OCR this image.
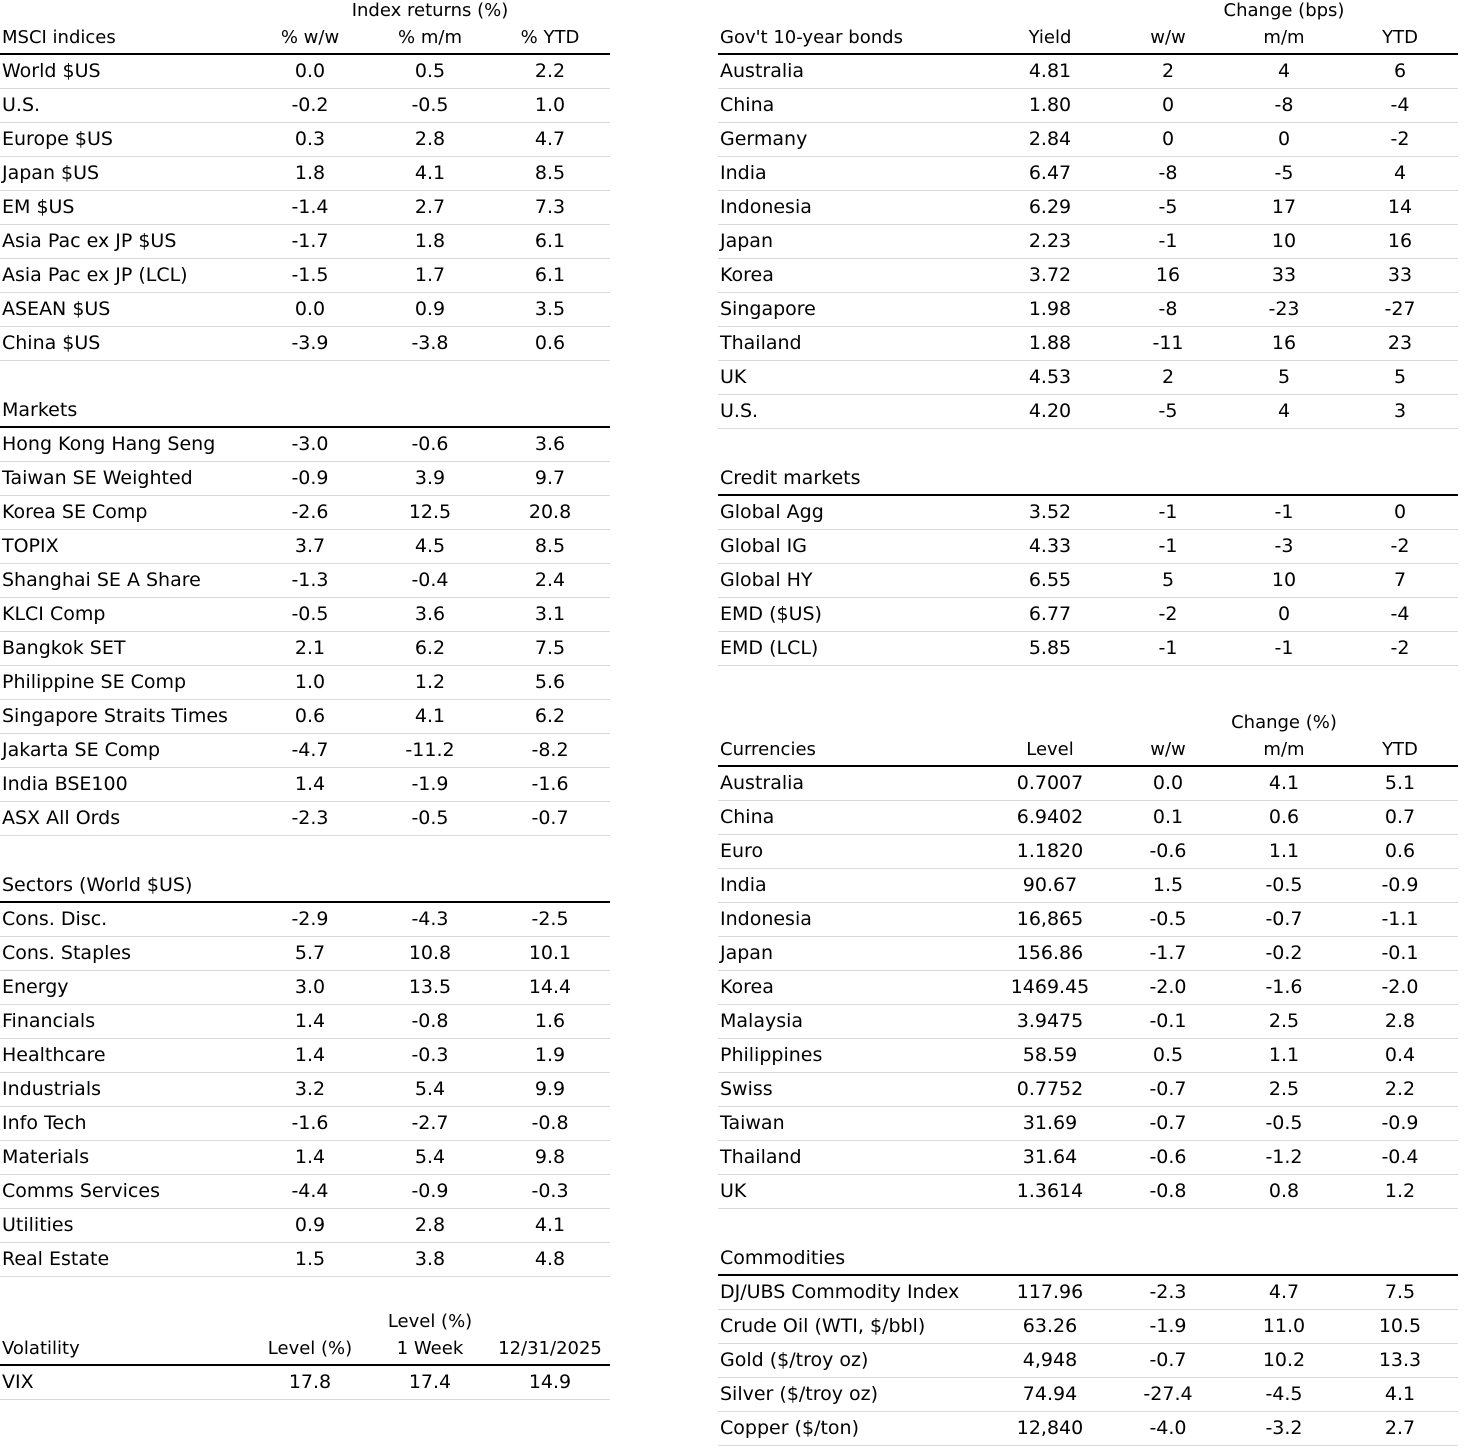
	Index returns (%)		
MSCI indices	% w/w	% m/m	% YTD
World $US	0.0	0.5	2.2
U.S.	-0.2	-0.5	1.0
Europe $US	0.3	2.8	4.7
Japan $US	1.8	4.1	8.5
EM $US	-1.4	2.7	7.3
Asia Pac ex JP $US	-1.7	1.8	6.1
Asia Pac ex JP (LCL)	-1.5	1.7	6.1
ASEAN $US	0.0	0.9	3.5
China $US	-3.9	-3.8	0.6
Markets			
Hong Kong Hang Seng	-3.0	-0.6	3.6
Taiwan SE Weighted	-0.9	3.9	9.7
Korea SE Comp	-2.6	12.5	20.8
TOPIX	3.7	4.5	8.5
Shanghai SE A Share	-1.3	-0.4	2.4
KLCI Comp	-0.5	3.6	3.1
Bangkok SET	2.1	6.2	7.5
Philippine SE Comp	1.0	1.2	5.6
Singapore Straits Times	0.6	4.1	6.2
Jakarta SE Comp	-4.7	-11.2	-8.2
India BSE100	1.4	-1.9	-1.6
ASX All Ords	-2.3	-0.5	-0.7
Sectors (World $US)			
Cons. Disc.	-2.9	-4.3	-2.5
Cons. Staples	5.7	10.8	10.1
Energy	3.0	13.5	14.4
Financials	1.4	-0.8	1.6
Healthcare	1.4	-0.3	1.9
Industrials	3.2	5.4	9.9
Info Tech	-1.6	-2.7	-0.8
Materials	1.4	5.4	9.8
Comms Services	-4.4	-0.9	-0.3
Utilities	0.9	2.8	4.1
Real Estate	1.5	3.8	4.8
	Level (%)		
Volatility	Level (%)	1 Week	12/31/2025
VIX	17.8	17.4	14.9
		Change (bps)		
Gov't 10-year bonds	Yield	w/w	m/m	YTD
Australia	4.81	2	4	6
China	1.80	0	-8	-4
Germany	2.84	0	0	-2
India	6.47	-8	-5	4
Indonesia	6.29	-5	17	14
Japan	2.23	-1	10	16
Korea	3.72	16	33	33
Singapore	1.98	-8	-23	-27
Thailand	1.88	-11	16	23
UK	4.53	2	5	5
U.S.	4.20	-5	4	3
Credit markets				
Global Agg	3.52	-1	-1	0
Global IG	4.33	-1	-3	-2
Global HY	6.55	5	10	7
EMD ($US)	6.77	-2	0	-4
EMD (LCL)	5.85	-1	-1	-2
		Change (%)		
Currencies	Level	w/w	m/m	YTD
Australia	0.7007	0.0	4.1	5.1
China	6.9402	0.1	0.6	0.7
Euro	1.1820	-0.6	1.1	0.6
India	90.67	1.5	-0.5	-0.9
Indonesia	16,865	-0.5	-0.7	-1.1
Japan	156.86	-1.7	-0.2	-0.1
Korea	1469.45	-2.0	-1.6	-2.0
Malaysia	3.9475	-0.1	2.5	2.8
Philippines	58.59	0.5	1.1	0.4
Swiss	0.7752	-0.7	2.5	2.2
Taiwan	31.69	-0.7	-0.5	-0.9
Thailand	31.64	-0.6	-1.2	-0.4
UK	1.3614	-0.8	0.8	1.2
Commodities				
DJ/UBS Commodity Index	117.96	-2.3	4.7	7.5
Crude Oil (WTI, $/bbl)	63.26	-1.9	11.0	10.5
Gold ($/troy oz)	4,948	-0.7	10.2	13.3
Silver ($/troy oz)	74.94	-27.4	-4.5	4.1
Copper ($/ton)	12,840	-4.0	-3.2	2.7
